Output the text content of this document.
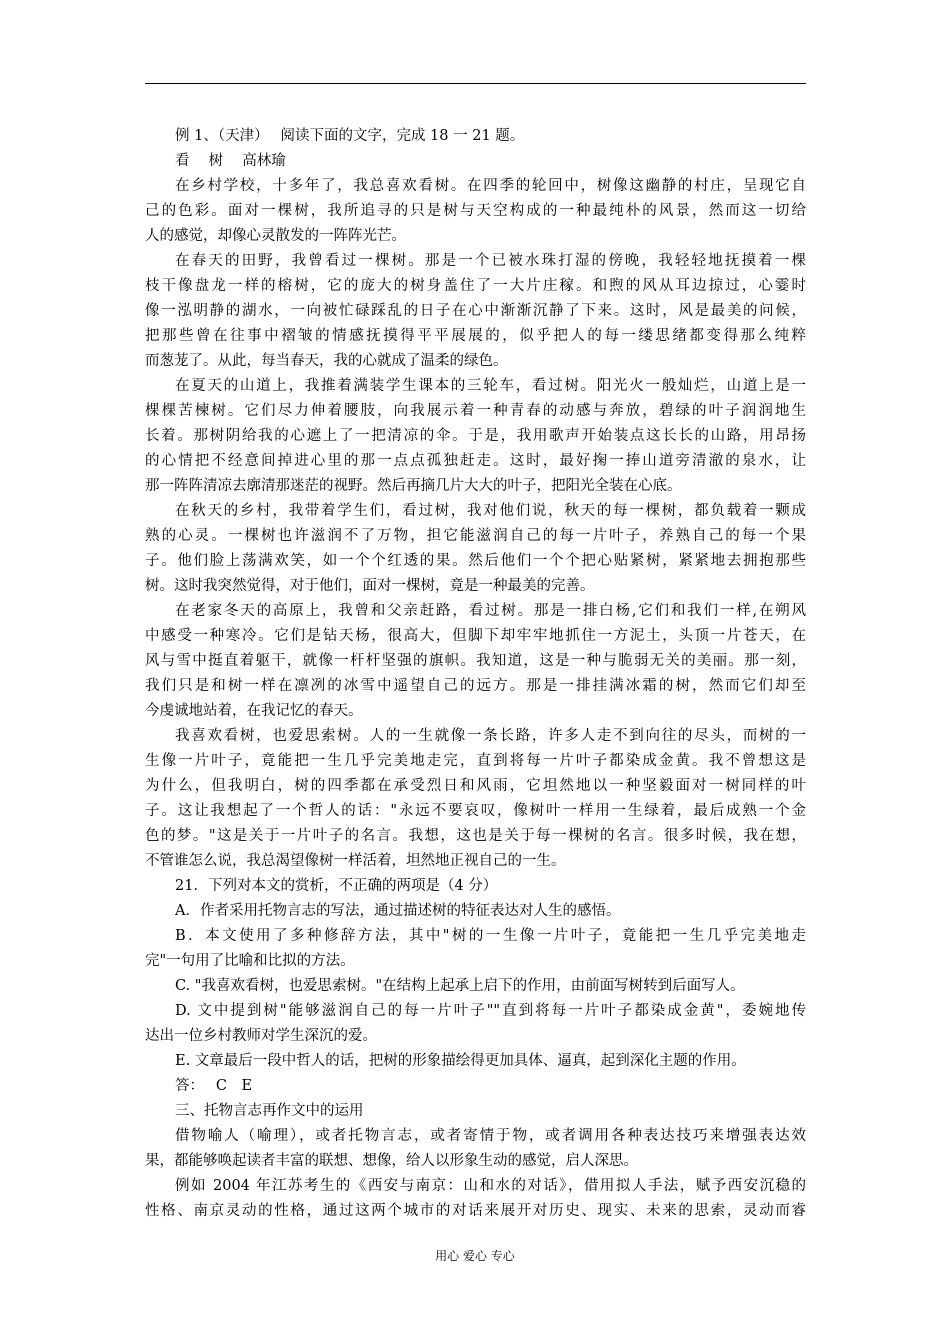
例 1、（天津）　 阅读下面的文字，完成 18 一 21 题。
看　 树　 高林瑜
在乡村学校，十多年了，我总喜欢看树。在四季的轮回中，树像这幽静的村庄，呈现它自
己的色彩。面对一棵树，我所追寻的只是树与天空构成的一种最纯朴的风景，然而这一切给
人的感觉，却像心灵散发的一阵阵光芒。
在春天的田野，我曾看过一棵树。那是一个已被水珠打湿的傍晚，我轻轻地抚摸着一棵
枝干像盘龙一样的榕树，它的庞大的树身盖住了一大片庄稼。和煦的风从耳边掠过，心霎时
像一泓明静的湖水，一向被忙碌踩乱的日子在心中渐渐沉静了下来。这时，风是最美的问候，
把那些曾在往事中褶皱的情感抚摸得平平展展的，似乎把人的每一缕思绪都变得那么纯粹
而葱茏了。从此，每当春天，我的心就成了温柔的绿色。
在夏天的山道上，我推着满装学生课本的三轮车，看过树。阳光火一般灿烂，山道上是一
棵棵苦楝树。它们尽力伸着腰肢，向我展示着一种青春的动感与奔放，碧绿的叶子润润地生
长着。那树阴给我的心遮上了一把清凉的伞。于是，我用歌声开始装点这长长的山路，用昂扬
的心情把不经意间掉进心里的那一点点孤独赶走。这时，最好掬一捧山道旁清澈的泉水，让
那一阵阵清凉去廓清那迷茫的视野。然后再摘几片大大的叶子，把阳光全装在心底。
在秋天的乡村，我带着学生们，看过树，我对他们说，秋天的每一棵树，都负载着一颗成
熟的心灵。一棵树也许滋润不了万物，担它能滋润自己的每一片叶子，养熟自己的每一个果
子。他们脸上荡满欢笑，如一个个红透的果。然后他们一个个把心贴紧树，紧紧地去拥抱那些
树。这时我突然觉得，对于他们，面对一棵树，竟是一种最美的完善。
在老家冬天的高原上，我曾和父亲赶路，看过树。那是一排白杨,它们和我们一样,在朔风
中感受一种寒冷。它们是钻天杨，很高大，但脚下却牢牢地抓住一方泥土，头顶一片苍天，在
风与雪中挺直着躯干，就像一杆杆坚强的旗帜。我知道，这是一种与脆弱无关的美丽。那一刻，
我们只是和树一样在凛冽的冰雪中遥望自己的远方。那是一排挂满冰霜的树，然而它们却至
今虔诚地站着，在我记忆的春天。
我喜欢看树，也爱思索树。人的一生就像一条长路，许多人走不到向往的尽头，而树的一
生像一片叶子，竟能把一生几乎完美地走完，直到将每一片叶子都染成金黄。我不曾想这是
为什么，但我明白，树的四季都在承受烈日和风雨，它坦然地以一种坚毅面对一树同样的叶
子。这让我想起了一个哲人的话："永远不要哀叹，像树叶一样用一生绿着，最后成熟一个金
色的梦。"这是关于一片叶子的名言。我想，这也是关于每一棵树的名言。很多时候，我在想，
不管谁怎么说，我总渴望像树一样活着，坦然地正视自己的一生。
21．下列对本文的赏析，不正确的两项是（4 分）
A．作者采用托物言志的写法，通过描述树的特征表达对人生的感悟。
B．本文使用了多种修辞方法，其中"树的一生像一片叶子，竟能把一生几乎完美地走
完"一句用了比喻和比拟的方法。
C. "我喜欢看树，也爱思索树。"在结构上起承上启下的作用，由前面写树转到后面写人。
D. 文中提到树"能够滋润自己的每一片叶子""直到将每一片叶子都染成金黄"，委婉地传
达出一位乡村教师对学生深沉的爱。
E. 文章最后一段中哲人的话，把树的形象描绘得更加具体、逼真，起到深化主题的作用。
答：　 C　E
三、托物言志再作文中的运用
借物喻人（喻理），或者托物言志，或者寄情于物，或者调用各种表达技巧来增强表达效
果，都能够唤起读者丰富的联想、想像，给人以形象生动的感觉，启人深思。
例如 2004 年江苏考生的《西安与南京：山和水的对话》，借用拟人手法，赋予西安沉稳的
性格、南京灵动的性格，通过这两个城市的对话来展开对历史、现实、未来的思索，灵动而睿
用心 爱心 专心
